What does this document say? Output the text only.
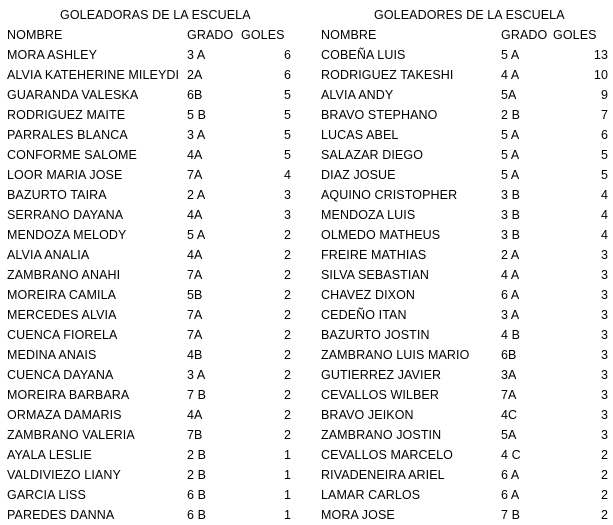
GOLEADORAS DE LA ESCUELA
NOMBRE	GRADO GOLES
MORA ASHLEY	3 A	6
ALVIA KATEHERINE MILEYDI 2A	6
GUARANDA VALESKA	6B	5
RODRIGUEZ MAITE	5 B	5
PARRALES BLANCA	3 A	5
CONFORME SALOME	4A	5
LOOR MARIA JOSE	7A	4
BAZURTO TAIRA	2 A	3
SERRANO DAYANA	4A	3
MENDOZA MELODY	5 A	2
ALVIA ANALIA	4A	2
ZAMBRANO ANAHI	7A	2
MOREIRA CAMILA	5B	2
MERCEDES ALVIA	7A	2
CUENCA FIORELA	7A	2
MEDINA ANAIS	4B	2
CUENCA DAYANA	3 A	2
MOREIRA BARBARA	7 B	2
ORMAZA DAMARIS	4A	2
ZAMBRANO VALERIA	7B	2
AYALA LESLIE	2 B	1
VALDIVIEZO LIANY	2 B	1
GARCIA LISS	6 B	1
PAREDES DANNA	6 B	1
GOLEADORES DE LA ESCUELA
NOMBRE	GRADO GOLES
COBEÑA LUIS	5 A	13
RODRIGUEZ TAKESHI	4 A	10
ALVIA ANDY	5A	9
BRAVO STEPHANO	2 B	7
LUCAS ABEL	5 A	6
SALAZAR DIEGO	5 A	5
DIAZ JOSUE	5 A	5
AQUINO CRISTOPHER	3 B	4
MENDOZA LUIS	3 B	4
OLMEDO MATHEUS	3 B	4
FREIRE MATHIAS	2 A	3
SILVA SEBASTIAN	4 A	3
CHAVEZ DIXON	6 A	3
CEDEÑO ITAN	3 A	3
BAZURTO JOSTIN	4 B	3
ZAMBRANO LUIS MARIO	6B	3
GUTIERREZ JAVIER	3A	3
CEVALLOS WILBER	7A	3
BRAVO JEIKON	4C	3
ZAMBRANO JOSTIN	5A	3
CEVALLOS MARCELO	4 C	2
RIVADENEIRA ARIEL	6 A	2
LAMAR CARLOS	6 A	2
MORA JOSE	7 B	2
